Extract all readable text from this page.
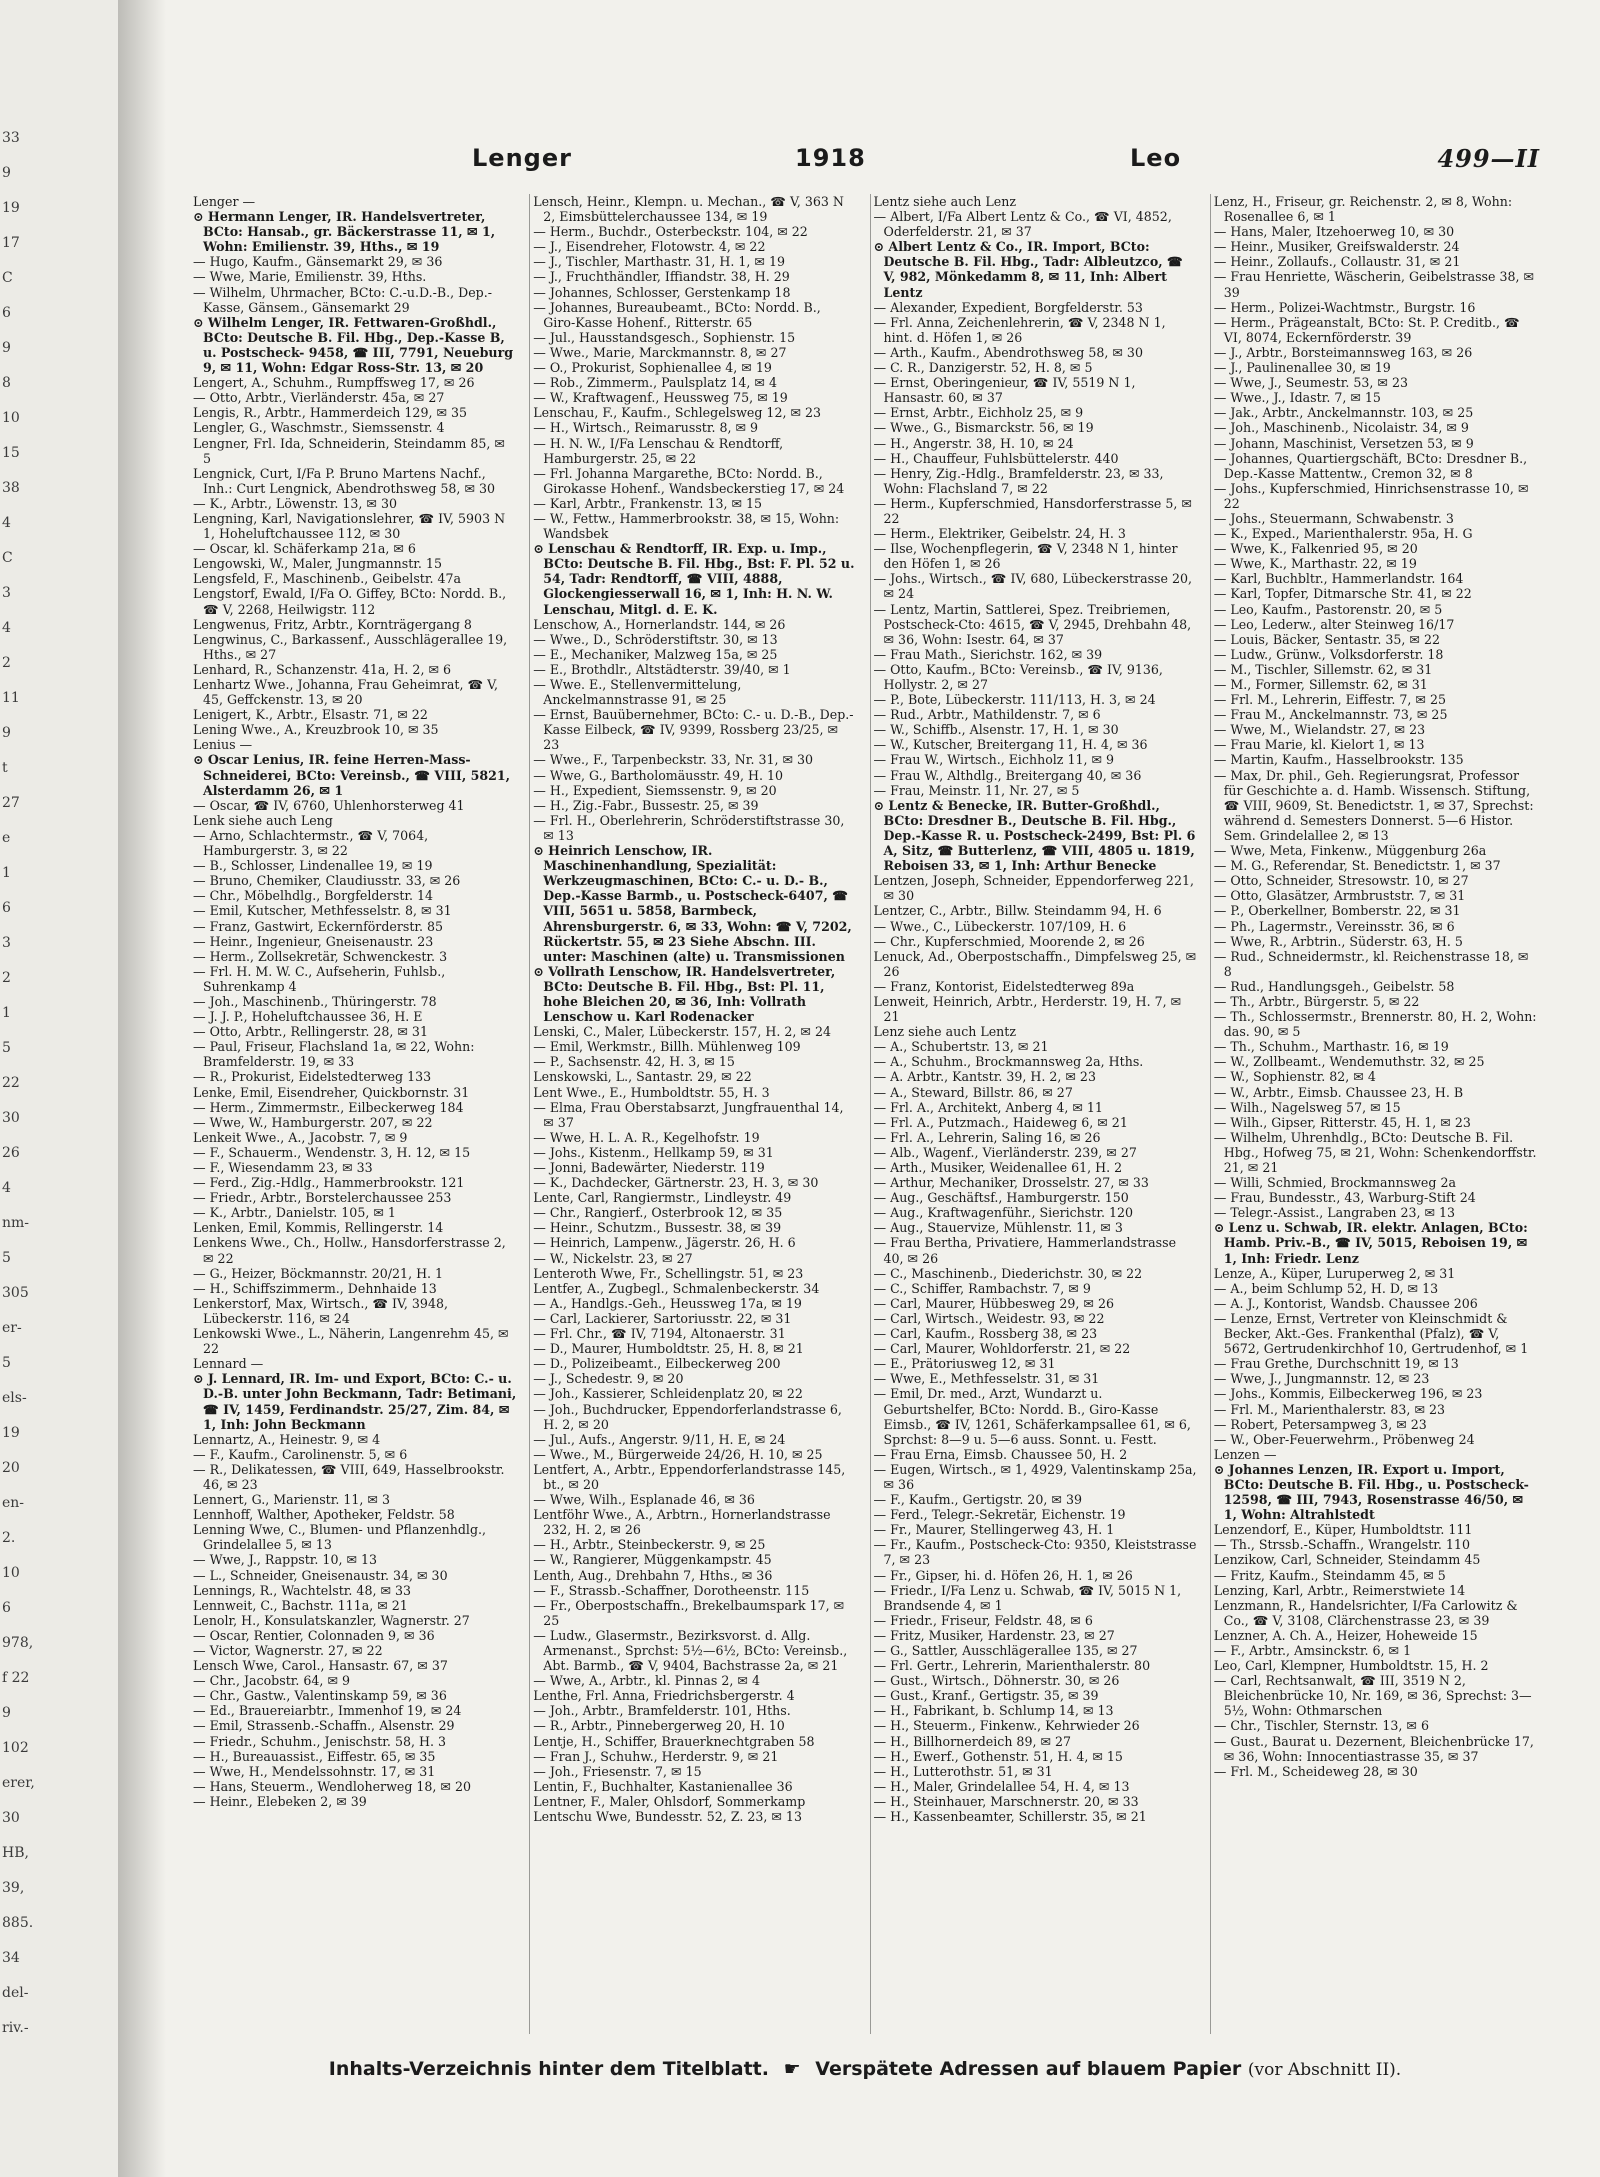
33
9
19
17
C
6
9
8
10
15
38
4
C
3
4
2
11
9
t
27
e
1
6
3
2
1
5
22
30
26
4
nm-
5
305
er-
5
els-
19
20
en-
2.
10
6
978,
f 22
9
102
erer,
30
HB,
39,
885.
34
del-
riv.-
Lenger	1918	Leo	499—II

Lenger —

⊙ Hermann Lenger, IR. Handelsvertreter, BCto: Hansab., gr. Bäckerstrasse 11, ✉ 1, Wohn: Emilienstr. 39, Hths., ✉ 19

— Hugo, Kaufm., Gänsemarkt 29, ✉ 36

— Wwe, Marie, Emilienstr. 39, Hths.

— Wilhelm, Uhrmacher, BCto: C.-u.D.-B., Dep.-Kasse, Gänsem., Gänsemarkt 29

⊙ Wilhelm Lenger, IR. Fettwaren-Großhdl., BCto: Deutsche B. Fil. Hbg., Dep.-Kasse B, u. Postscheck- 9458, ☎ III, 7791, Neueburg 9, ✉ 11, Wohn: Edgar Ross-Str. 13, ✉ 20

Lengert, A., Schuhm., Rumpffsweg 17, ✉ 26

— Otto, Arbtr., Vierländerstr. 45a, ✉ 27

Lengis, R., Arbtr., Hammerdeich 129, ✉ 35

Lengler, G., Waschmstr., Siemssenstr. 4

Lengner, Frl. Ida, Schneiderin, Steindamm 85, ✉ 5

Lengnick, Curt, I/Fa P. Bruno Martens Nachf., Inh.: Curt Lengnick, Abendrothsweg 58, ✉ 30

— K., Arbtr., Löwenstr. 13, ✉ 30

Lengning, Karl, Navigationslehrer, ☎ IV, 5903 N 1, Hoheluftchaussee 112, ✉ 30

— Oscar, kl. Schäferkamp 21a, ✉ 6

Lengowski, W., Maler, Jungmannstr. 15

Lengsfeld, F., Maschinenb., Geibelstr. 47a

Lengstorf, Ewald, I/Fa O. Giffey, BCto: Nordd. B., ☎ V, 2268, Heilwigstr. 112

Lengwenus, Fritz, Arbtr., Kornträgergang 8

Lengwinus, C., Barkassenf., Ausschlägerallee 19, Hths., ✉ 27

Lenhard, R., Schanzenstr. 41a, H. 2, ✉ 6

Lenhartz Wwe., Johanna, Frau Geheimrat, ☎ V, 45, Geffckenstr. 13, ✉ 20

Lenigert, K., Arbtr., Elsastr. 71, ✉ 22

Lening Wwe., A., Kreuzbrook 10, ✉ 35

Lenius —

⊙ Oscar Lenius, IR. feine Herren-Mass-Schneiderei, BCto: Vereinsb., ☎ VIII, 5821, Alsterdamm 26, ✉ 1

— Oscar, ☎ IV, 6760, Uhlenhorsterweg 41

Lenk siehe auch Leng

— Arno, Schlachtermstr., ☎ V, 7064, Hamburgerstr. 3, ✉ 22

— B., Schlosser, Lindenallee 19, ✉ 19

— Bruno, Chemiker, Claudiusstr. 33, ✉ 26

— Chr., Möbelhdlg., Borgfelderstr. 14

— Emil, Kutscher, Methfesselstr. 8, ✉ 31

— Franz, Gastwirt, Eckernförderstr. 85

— Heinr., Ingenieur, Gneisenaustr. 23

— Herm., Zollsekretär, Schwenckestr. 3

— Frl. H. M. W. C., Aufseherin, Fuhlsb., Suhrenkamp 4

— Joh., Maschinenb., Thüringerstr. 78

— J. J. P., Hoheluftchaussee 36, H. E

— Otto, Arbtr., Rellingerstr. 28, ✉ 31

— Paul, Friseur, Flachsland 1a, ✉ 22, Wohn: Bramfelderstr. 19, ✉ 33

— R., Prokurist, Eidelstedterweg 133

Lenke, Emil, Eisendreher, Quickbornstr. 31

— Herm., Zimmermstr., Eilbeckerweg 184

— Wwe, W., Hamburgerstr. 207, ✉ 22

Lenkeit Wwe., A., Jacobstr. 7, ✉ 9

— F., Schauerm., Wendenstr. 3, H. 12, ✉ 15

— F., Wiesendamm 23, ✉ 33

— Ferd., Zig.-Hdlg., Hammerbrookstr. 121

— Friedr., Arbtr., Borstelerchaussee 253

— K., Arbtr., Danielstr. 105, ✉ 1

Lenken, Emil, Kommis, Rellingerstr. 14

Lenkens Wwe., Ch., Hollw., Hansdorferstrasse 2, ✉ 22

— G., Heizer, Böckmannstr. 20/21, H. 1

— H., Schiffszimmerm., Dehnhaide 13

Lenkerstorf, Max, Wirtsch., ☎ IV, 3948, Lübeckerstr. 116, ✉ 24

Lenkowski Wwe., L., Näherin, Langenrehm 45, ✉ 22

Lennard —

⊙ J. Lennard, IR. Im- und Export, BCto: C.- u. D.-B. unter John Beckmann, Tadr: Betimani, ☎ IV, 1459, Ferdinandstr. 25/27, Zim. 84, ✉ 1, Inh: John Beckmann

Lennartz, A., Heinestr. 9, ✉ 4

— F., Kaufm., Carolinenstr. 5, ✉ 6

— R., Delikatessen, ☎ VIII, 649, Hasselbrookstr. 46, ✉ 23

Lennert, G., Marienstr. 11, ✉ 3

Lennhoff, Walther, Apotheker, Feldstr. 58

Lenning Wwe, C., Blumen- und Pflanzenhdlg., Grindelallee 5, ✉ 13

— Wwe, J., Rappstr. 10, ✉ 13

— L., Schneider, Gneisenaustr. 34, ✉ 30

Lennings, R., Wachtelstr. 48, ✉ 33

Lennweit, C., Bachstr. 111a, ✉ 21

Lenolr, H., Konsulatskanzler, Wagnerstr. 27

— Oscar, Rentier, Colonnaden 9, ✉ 36

— Victor, Wagnerstr. 27, ✉ 22

Lensch Wwe, Carol., Hansastr. 67, ✉ 37

— Chr., Jacobstr. 64, ✉ 9

— Chr., Gastw., Valentinskamp 59, ✉ 36

— Ed., Brauereiarbtr., Immenhof 19, ✉ 24

— Emil, Strassenb.-Schaffn., Alsenstr. 29

— Friedr., Schuhm., Jenischstr. 58, H. 3

— H., Bureauassist., Eiffestr. 65, ✉ 35

— Wwe, H., Mendelssohnstr. 17, ✉ 31

— Hans, Steuerm., Wendloherweg 18, ✉ 20

— Heinr., Elebeken 2, ✉ 39

Lensch, Heinr., Klempn. u. Mechan., ☎ V, 363 N 2, Eimsbüttelerchaussee 134, ✉ 19

— Herm., Buchdr., Osterbeckstr. 104, ✉ 22

— J., Eisendreher, Flotowstr. 4, ✉ 22

— J., Tischler, Marthastr. 31, H. 1, ✉ 19

— J., Fruchthändler, Iffiandstr. 38, H. 29

— Johannes, Schlosser, Gerstenkamp 18

— Johannes, Bureaubeamt., BCto: Nordd. B., Giro-Kasse Hohenf., Ritterstr. 65

— Jul., Hausstandsgesch., Sophienstr. 15

— Wwe., Marie, Marckmannstr. 8, ✉ 27

— O., Prokurist, Sophienallee 4, ✉ 19

— Rob., Zimmerm., Paulsplatz 14, ✉ 4

— W., Kraftwagenf., Heussweg 75, ✉ 19

Lenschau, F., Kaufm., Schlegelsweg 12, ✉ 23

— H., Wirtsch., Reimarusstr. 8, ✉ 9

— H. N. W., I/Fa Lenschau & Rendtorff, Hamburgerstr. 25, ✉ 22

— Frl. Johanna Margarethe, BCto: Nordd. B., Girokasse Hohenf., Wandsbeckerstieg 17, ✉ 24

— Karl, Arbtr., Frankenstr. 13, ✉ 15

— W., Fettw., Hammerbrookstr. 38, ✉ 15, Wohn: Wandsbek

⊙ Lenschau & Rendtorff, IR. Exp. u. Imp., BCto: Deutsche B. Fil. Hbg., Bst: F. Pl. 52 u. 54, Tadr: Rendtorff, ☎ VIII, 4888, Glockengiesserwall 16, ✉ 1, Inh: H. N. W. Lenschau, Mitgl. d. E. K.

Lenschow, A., Hornerlandstr. 144, ✉ 26

— Wwe., D., Schröderstiftstr. 30, ✉ 13

— E., Mechaniker, Malzweg 15a, ✉ 25

— E., Brothdlr., Altstädterstr. 39/40, ✉ 1

— Wwe. E., Stellenvermittelung, Anckelmannstrasse 91, ✉ 25

— Ernst, Bauübernehmer, BCto: C.- u. D.-B., Dep.-Kasse Eilbeck, ☎ IV, 9399, Rossberg 23/25, ✉ 23

— Wwe., F., Tarpenbeckstr. 33, Nr. 31, ✉ 30

— Wwe, G., Bartholomäusstr. 49, H. 10

— H., Expedient, Siemssenstr. 9, ✉ 20

— H., Zig.-Fabr., Bussestr. 25, ✉ 39

— Frl. H., Oberlehrerin, Schröderstiftstrasse 30, ✉ 13

⊙ Heinrich Lenschow, IR. Maschinenhandlung, Spezialität: Werkzeugmaschinen, BCto: C.- u. D.- B., Dep.-Kasse Barmb., u. Postscheck-6407, ☎ VIII, 5651 u. 5858, Barmbeck, Ahrensburgerstr. 6, ✉ 33, Wohn: ☎ V, 7202, Rückertstr. 55, ✉ 23 Siehe Abschn. III. unter: Maschinen (alte) u. Transmissionen

⊙ Vollrath Lenschow, IR. Handelsvertreter, BCto: Deutsche B. Fil. Hbg., Bst: Pl. 11, hohe Bleichen 20, ✉ 36, Inh: Vollrath Lenschow u. Karl Rodenacker

Lenski, C., Maler, Lübeckerstr. 157, H. 2, ✉ 24

— Emil, Werkmstr., Billh. Mühlenweg 109

— P., Sachsenstr. 42, H. 3, ✉ 15

Lenskowski, L., Santastr. 29, ✉ 22

Lent Wwe., E., Humboldtstr. 55, H. 3

— Elma, Frau Oberstabsarzt, Jungfrauenthal 14, ✉ 37

— Wwe, H. L. A. R., Kegelhofstr. 19

— Johs., Kistenm., Hellkamp 59, ✉ 31

— Jonni, Badewärter, Niederstr. 119

— K., Dachdecker, Gärtnerstr. 23, H. 3, ✉ 30

Lente, Carl, Rangiermstr., Lindleystr. 49

— Chr., Rangierf., Osterbrook 12, ✉ 35

— Heinr., Schutzm., Bussestr. 38, ✉ 39

— Heinrich, Lampenw., Jägerstr. 26, H. 6

— W., Nickelstr. 23, ✉ 27

Lenteroth Wwe, Fr., Schellingstr. 51, ✉ 23

Lentfer, A., Zugbegl., Schmalenbeckerstr. 34

— A., Handlgs.-Geh., Heussweg 17a, ✉ 19

— Carl, Lackierer, Sartoriusstr. 22, ✉ 31

— Frl. Chr., ☎ IV, 7194, Altonaerstr. 31

— D., Maurer, Humboldtstr. 25, H. 8, ✉ 21

— D., Polizeibeamt., Eilbeckerweg 200

— J., Schedestr. 9, ✉ 20

— Joh., Kassierer, Schleidenplatz 20, ✉ 22

— Joh., Buchdrucker, Eppendorferlandstrasse 6, H. 2, ✉ 20

— Jul., Aufs., Angerstr. 9/11, H. E, ✉ 24

— Wwe., M., Bürgerweide 24/26, H. 10, ✉ 25

Lentfert, A., Arbtr., Eppendorferlandstrasse 145, bt., ✉ 20

— Wwe, Wilh., Esplanade 46, ✉ 36

Lentföhr Wwe., A., Arbtrn., Hornerlandstrasse 232, H. 2, ✉ 26

— H., Arbtr., Steinbeckerstr. 9, ✉ 25

— W., Rangierer, Müggenkampstr. 45

Lenth, Aug., Drehbahn 7, Hths., ✉ 36

— F., Strassb.-Schaffner, Dorotheenstr. 115

— Fr., Oberpostschaffn., Brekelbaumspark 17, ✉ 25

— Ludw., Glasermstr., Bezirksvorst. d. Allg. Armenanst., Sprchst: 5½—6½, BCto: Vereinsb., Abt. Barmb., ☎ V, 9404, Bachstrasse 2a, ✉ 21

— Wwe, A., Arbtr., kl. Pinnas 2, ✉ 4

Lenthe, Frl. Anna, Friedrichsbergerstr. 4

— Joh., Arbtr., Bramfelderstr. 101, Hths.

— R., Arbtr., Pinnebergerweg 20, H. 10

Lentje, H., Schiffer, Brauerknechtgraben 58

— Fran J., Schuhw., Herderstr. 9, ✉ 21

— Joh., Friesenstr. 7, ✉ 15

Lentin, F., Buchhalter, Kastanienallee 36

Lentner, F., Maler, Ohlsdorf, Sommerkamp

Lentschu Wwe, Bundesstr. 52, Z. 23, ✉ 13

Lentz siehe auch Lenz

— Albert, I/Fa Albert Lentz & Co., ☎ VI, 4852, Oderfelderstr. 21, ✉ 37

⊙ Albert Lentz & Co., IR. Import, BCto: Deutsche B. Fil. Hbg., Tadr: Albleutzco, ☎ V, 982, Mönkedamm 8, ✉ 11, Inh: Albert Lentz

— Alexander, Expedient, Borgfelderstr. 53

— Frl. Anna, Zeichenlehrerin, ☎ V, 2348 N 1, hint. d. Höfen 1, ✉ 26

— Arth., Kaufm., Abendrothsweg 58, ✉ 30

— C. R., Danzigerstr. 52, H. 8, ✉ 5

— Ernst, Oberingenieur, ☎ IV, 5519 N 1, Hansastr. 60, ✉ 37

— Ernst, Arbtr., Eichholz 25, ✉ 9

— Wwe., G., Bismarckstr. 56, ✉ 19

— H., Angerstr. 38, H. 10, ✉ 24

— H., Chauffeur, Fuhlsbüttelerstr. 440

— Henry, Zig.-Hdlg., Bramfelderstr. 23, ✉ 33, Wohn: Flachsland 7, ✉ 22

— Herm., Kupferschmied, Hansdorferstrasse 5, ✉ 22

— Herm., Elektriker, Geibelstr. 24, H. 3

— Ilse, Wochenpflegerin, ☎ V, 2348 N 1, hinter den Höfen 1, ✉ 26

— Johs., Wirtsch., ☎ IV, 680, Lübeckerstrasse 20, ✉ 24

— Lentz, Martin, Sattlerei, Spez. Treibriemen, Postscheck-Cto: 4615, ☎ V, 2945, Drehbahn 48, ✉ 36, Wohn: Isestr. 64, ✉ 37

— Frau Math., Sierichstr. 162, ✉ 39

— Otto, Kaufm., BCto: Vereinsb., ☎ IV, 9136, Hollystr. 2, ✉ 27

— P., Bote, Lübeckerstr. 111/113, H. 3, ✉ 24

— Rud., Arbtr., Mathildenstr. 7, ✉ 6

— W., Schiffb., Alsenstr. 17, H. 1, ✉ 30

— W., Kutscher, Breitergang 11, H. 4, ✉ 36

— Frau W., Wirtsch., Eichholz 11, ✉ 9

— Frau W., Althdlg., Breitergang 40, ✉ 36

— Frau, Meinstr. 11, Nr. 27, ✉ 5

⊙ Lentz & Benecke, IR. Butter-Großhdl., BCto: Dresdner B., Deutsche B. Fil. Hbg., Dep.-Kasse R. u. Postscheck-2499, Bst: Pl. 6 A, Sitz, ☎ Butterlenz, ☎ VIII, 4805 u. 1819, Reboisen 33, ✉ 1, Inh: Arthur Benecke

Lentzen, Joseph, Schneider, Eppendorferweg 221, ✉ 30

Lentzer, C., Arbtr., Billw. Steindamm 94, H. 6

— Wwe., C., Lübeckerstr. 107/109, H. 6

— Chr., Kupferschmied, Moorende 2, ✉ 26

Lenuck, Ad., Oberpostschaffn., Dimpfelsweg 25, ✉ 26

— Franz, Kontorist, Eidelstedterweg 89a

Lenweit, Heinrich, Arbtr., Herderstr. 19, H. 7, ✉ 21

Lenz siehe auch Lentz

— A., Schubertstr. 13, ✉ 21

— A., Schuhm., Brockmannsweg 2a, Hths.

— A. Arbtr., Kantstr. 39, H. 2, ✉ 23

— A., Steward, Billstr. 86, ✉ 27

— Frl. A., Architekt, Anberg 4, ✉ 11

— Frl. A., Putzmach., Haideweg 6, ✉ 21

— Frl. A., Lehrerin, Saling 16, ✉ 26

— Alb., Wagenf., Vierländerstr. 239, ✉ 27

— Arth., Musiker, Weidenallee 61, H. 2

— Arthur, Mechaniker, Drosselstr. 27, ✉ 33

— Aug., Geschäftsf., Hamburgerstr. 150

— Aug., Kraftwagenführ., Sierichstr. 120

— Aug., Stauervize, Mühlenstr. 11, ✉ 3

— Frau Bertha, Privatiere, Hammerlandstrasse 40, ✉ 26

— C., Maschinenb., Diederichstr. 30, ✉ 22

— C., Schiffer, Rambachstr. 7, ✉ 9

— Carl, Maurer, Hübbesweg 29, ✉ 26

— Carl, Wirtsch., Weidestr. 93, ✉ 22

— Carl, Kaufm., Rossberg 38, ✉ 23

— Carl, Maurer, Wohldorferstr. 21, ✉ 22

— E., Prätoriusweg 12, ✉ 31

— Wwe, E., Methfesselstr. 31, ✉ 31

— Emil, Dr. med., Arzt, Wundarzt u. Geburtshelfer, BCto: Nordd. B., Giro-Kasse Eimsb., ☎ IV, 1261, Schäferkampsallee 61, ✉ 6, Sprchst: 8—9 u. 5—6 auss. Sonnt. u. Festt.

— Frau Erna, Eimsb. Chaussee 50, H. 2

— Eugen, Wirtsch., ✉ 1, 4929, Valentinskamp 25a, ✉ 36

— F., Kaufm., Gertigstr. 20, ✉ 39

— Ferd., Telegr.-Sekretär, Eichenstr. 19

— Fr., Maurer, Stellingerweg 43, H. 1

— Fr., Kaufm., Postscheck-Cto: 9350, Kleiststrasse 7, ✉ 23

— Fr., Gipser, hi. d. Höfen 26, H. 1, ✉ 26

— Friedr., I/Fa Lenz u. Schwab, ☎ IV, 5015 N 1, Brandsende 4, ✉ 1

— Friedr., Friseur, Feldstr. 48, ✉ 6

— Fritz, Musiker, Hardenstr. 23, ✉ 27

— G., Sattler, Ausschlägerallee 135, ✉ 27

— Frl. Gertr., Lehrerin, Marienthalerstr. 80

— Gust., Wirtsch., Döhnerstr. 30, ✉ 26

— Gust., Kranf., Gertigstr. 35, ✉ 39

— H., Fabrikant, b. Schlump 14, ✉ 13

— H., Steuerm., Finkenw., Kehrwieder 26

— H., Billhornerdeich 89, ✉ 27

— H., Ewerf., Gothenstr. 51, H. 4, ✉ 15

— H., Lutterothstr. 51, ✉ 31

— H., Maler, Grindelallee 54, H. 4, ✉ 13

— H., Steinhauer, Marschnerstr. 20, ✉ 33

— H., Kassenbeamter, Schillerstr. 35, ✉ 21

Lenz, H., Friseur, gr. Reichenstr. 2, ✉ 8, Wohn: Rosenallee 6, ✉ 1

— Hans, Maler, Itzehoerweg 10, ✉ 30

— Heinr., Musiker, Greifswalderstr. 24

— Heinr., Zollaufs., Collaustr. 31, ✉ 21

— Frau Henriette, Wäscherin, Geibelstrasse 38, ✉ 39

— Herm., Polizei-Wachtmstr., Burgstr. 16

— Herm., Prägeanstalt, BCto: St. P. Creditb., ☎ VI, 8074, Eckernförderstr. 39

— J., Arbtr., Borsteimannsweg 163, ✉ 26

— J., Paulinenallee 30, ✉ 19

— Wwe, J., Seumestr. 53, ✉ 23

— Wwe., J., Idastr. 7, ✉ 15

— Jak., Arbtr., Anckelmannstr. 103, ✉ 25

— Joh., Maschinenb., Nicolaistr. 34, ✉ 9

— Johann, Maschinist, Versetzen 53, ✉ 9

— Johannes, Quartiergschäft, BCto: Dresdner B., Dep.-Kasse Mattentw., Cremon 32, ✉ 8

— Johs., Kupferschmied, Hinrichsenstrasse 10, ✉ 22

— Johs., Steuermann, Schwabenstr. 3

— K., Exped., Marienthalerstr. 95a, H. G

— Wwe, K., Falkenried 95, ✉ 20

— Wwe, K., Marthastr. 22, ✉ 19

— Karl, Buchbltr., Hammerlandstr. 164

— Karl, Topfer, Ditmarsche Str. 41, ✉ 22

— Leo, Kaufm., Pastorenstr. 20, ✉ 5

— Leo, Lederw., alter Steinweg 16/17

— Louis, Bäcker, Sentastr. 35, ✉ 22

— Ludw., Grünw., Volksdorferstr. 18

— M., Tischler, Sillemstr. 62, ✉ 31

— M., Former, Sillemstr. 62, ✉ 31

— Frl. M., Lehrerin, Eiffestr. 7, ✉ 25

— Frau M., Anckelmannstr. 73, ✉ 25

— Wwe, M., Wielandstr. 27, ✉ 23

— Frau Marie, kl. Kielort 1, ✉ 13

— Martin, Kaufm., Hasselbrookstr. 135

— Max, Dr. phil., Geh. Regierungsrat, Professor für Geschichte a. d. Hamb. Wissensch. Stiftung, ☎ VIII, 9609, St. Benedictstr. 1, ✉ 37, Sprechst: während d. Semesters Donnerst. 5—6 Histor. Sem. Grindelallee 2, ✉ 13

— Wwe, Meta, Finkenw., Müggenburg 26a

— M. G., Referendar, St. Benedictstr. 1, ✉ 37

— Otto, Schneider, Stresowstr. 10, ✉ 27

— Otto, Glasätzer, Armbruststr. 7, ✉ 31

— P., Oberkellner, Bomberstr. 22, ✉ 31

— Ph., Lagermstr., Vereinsstr. 36, ✉ 6

— Wwe, R., Arbtrin., Süderstr. 63, H. 5

— Rud., Schneidermstr., kl. Reichenstrasse 18, ✉ 8

— Rud., Handlungsgeh., Geibelstr. 58

— Th., Arbtr., Bürgerstr. 5, ✉ 22

— Th., Schlossermstr., Brennerstr. 80, H. 2, Wohn: das. 90, ✉ 5

— Th., Schuhm., Marthastr. 16, ✉ 19

— W., Zollbeamt., Wendemuthstr. 32, ✉ 25

— W., Sophienstr. 82, ✉ 4

— W., Arbtr., Eimsb. Chaussee 23, H. B

— Wilh., Nagelsweg 57, ✉ 15

— Wilh., Gipser, Ritterstr. 45, H. 1, ✉ 23

— Wilhelm, Uhrenhdlg., BCto: Deutsche B. Fil. Hbg., Hofweg 75, ✉ 21, Wohn: Schenkendorffstr. 21, ✉ 21

— Willi, Schmied, Brockmannsweg 2a

— Frau, Bundesstr., 43, Warburg-Stift 24

— Telegr.-Assist., Langraben 23, ✉ 13

⊙ Lenz u. Schwab, IR. elektr. Anlagen, BCto: Hamb. Priv.-B., ☎ IV, 5015, Reboisen 19, ✉ 1, Inh: Friedr. Lenz

Lenze, A., Küper, Luruperweg 2, ✉ 31

— A., beim Schlump 52, H. D, ✉ 13

— A. J., Kontorist, Wandsb. Chaussee 206

— Lenze, Ernst, Vertreter von Kleinschmidt & Becker, Akt.-Ges. Frankenthal (Pfalz), ☎ V, 5672, Gertrudenkirchhof 10, Gertrudenhof, ✉ 1

— Frau Grethe, Durchschnitt 19, ✉ 13

— Wwe, J., Jungmannstr. 12, ✉ 23

— Johs., Kommis, Eilbeckerweg 196, ✉ 23

— Frl. M., Marienthalerstr. 83, ✉ 23

— Robert, Petersampweg 3, ✉ 23

— W., Ober-Feuerwehrm., Pröbenweg 24

Lenzen —

⊙ Johannes Lenzen, IR. Export u. Import, BCto: Deutsche B. Fil. Hbg., u. Postscheck-12598, ☎ III, 7943, Rosenstrasse 46/50, ✉ 1, Wohn: Altrahlstedt

Lenzendorf, E., Küper, Humboldtstr. 111

— Th., Strssb.-Schaffn., Wrangelstr. 110

Lenzikow, Carl, Schneider, Steindamm 45

— Fritz, Kaufm., Steindamm 45, ✉ 5

Lenzing, Karl, Arbtr., Reimerstwiete 14

Lenzmann, R., Handelsrichter, I/Fa Carlowitz & Co., ☎ V, 3108, Clärchenstrasse 23, ✉ 39

Lenzner, A. Ch. A., Heizer, Hoheweide 15

— F., Arbtr., Amsinckstr. 6, ✉ 1

Leo, Carl, Klempner, Humboldtstr. 15, H. 2

— Carl, Rechtsanwalt, ☎ III, 3519 N 2, Bleichenbrücke 10, Nr. 169, ✉ 36, Sprechst: 3—5½, Wohn: Othmarschen

— Chr., Tischler, Sternstr. 13, ✉ 6

— Gust., Baurat u. Dezernent, Bleichenbrücke 17, ✉ 36, Wohn: Innocentiastrasse 35, ✉ 37

— Frl. M., Scheideweg 28, ✉ 30

Inhalts-Verzeichnis hinter dem Titelblatt. ☛ Verspätete Adressen auf blauem Papier (vor Abschnitt II).
